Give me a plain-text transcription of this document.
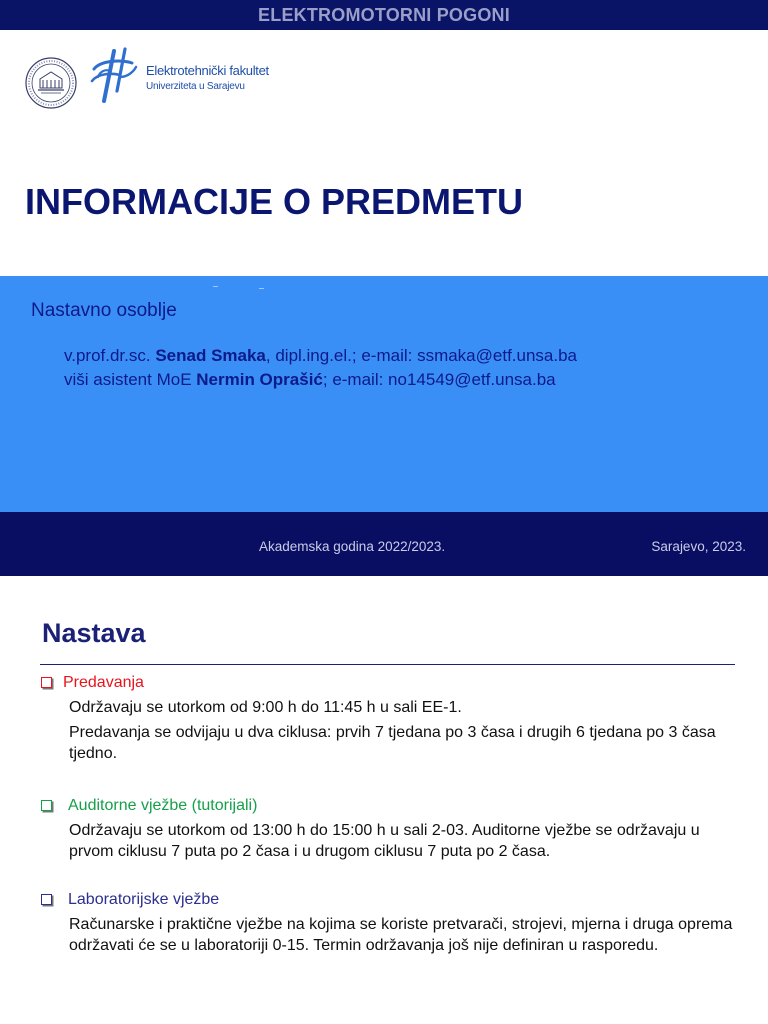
ELEKTROMOTORNI POGONI
Elektrotehnički fakultet
Univerziteta u Sarajevu
INFORMACIJE O PREDMETU
Nastavno osoblje
v.prof.dr.sc. Senad Smaka, dipl.ing.el.; e-mail: ssmaka@etf.unsa.ba
viši asistent MoE Nermin Oprašić; e-mail: no14549@etf.unsa.ba
Akademska godina 2022/2023.	Sarajevo, 2023.
Nastava
Predavanja

Održavaju se utorkom od 9:00 h do 11:45 h u sali EE-1.

Predavanja se odvijaju u dva ciklusa: prvih 7 tjedana po 3 časa i drugih 6 tjedana po 3 časa tjedno.

Auditorne vježbe (tutorijali)

Održavaju se utorkom od 13:00 h do 15:00 h u sali 2-03. Auditorne vježbe se održavaju u prvom ciklusu 7 puta po 2 časa i u drugom ciklusu 7 puta po 2 časa.

Laboratorijske vježbe

Računarske i praktične vježbe na kojima se koriste pretvarači, strojevi, mjerna i druga oprema održavati će se u laboratoriji 0-15. Termin održavanja još nije definiran u rasporedu.
